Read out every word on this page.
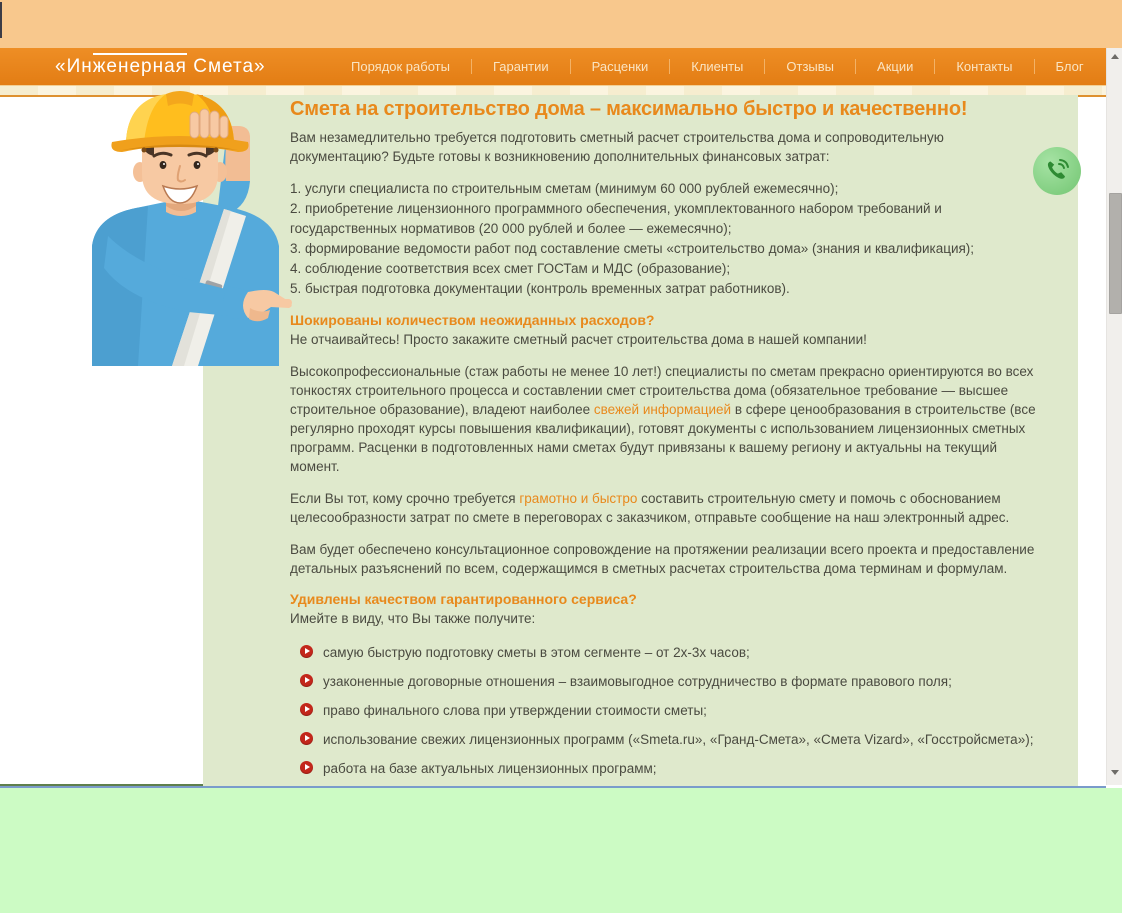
«Инженерная Смета»	Порядок работы	Гарантии	Расценки	Клиенты	Отзывы	Акции	Контакты	Блог
Смета на строительство дома – максимально быстро и качественно!

Вам незамедлительно требуется подготовить сметный расчет строительства дома и сопроводительную документацию? Будьте готовы к возникновению дополнительных финансовых затрат:

1. услуги специалиста по строительным сметам (минимум 60 000 рублей ежемесячно);
2. приобретение лицензионного программного обеспечения, укомплектованного набором требований и государственных нормативов (20 000 рублей и более — ежемесячно);
3. формирование ведомости работ под составление сметы «строительство дома» (знания и квалификация);
4. соблюдение соответствия всех смет ГОСТам и МДС (образование);
5. быстрая подготовка документации (контроль временных затрат работников).
Шокированы количеством неожиданных расходов?

Не отчаивайтесь! Просто закажите сметный расчет строительства дома в нашей компании!

Высокопрофессиональные (стаж работы не менее 10 лет!) специалисты по сметам прекрасно ориентируются во всех тонкостях строительного процесса и составлении смет строительства дома (обязательное требование — высшее строительное образование), владеют наиболее свежей информацией в сфере ценообразования в строительстве (все регулярно проходят курсы повышения квалификации), готовят документы с использованием лицензионных сметных программ. Расценки в подготовленных нами сметах будут привязаны к вашему региону и актуальны на текущий момент.

Если Вы тот, кому срочно требуется грамотно и быстро составить строительную смету и помочь с обоснованием целесообразности затрат по смете в переговорах с заказчиком, отправьте сообщение на наш электронный адрес.

Вам будет обеспечено консультационное сопровождение на протяжении реализации всего проекта и предоставление детальных разъяснений по всем, содержащимся в сметных расчетах строительства дома терминам и формулам.

Удивлены качеством гарантированного сервиса?

Имейте в виду, что Вы также получите:

самую быструю подготовку сметы в этом сегменте – от 2х-3х часов;
узаконенные договорные отношения – взаимовыгодное сотрудничество в формате правового поля;
право финального слова при утверждении стоимости сметы;
использование свежих лицензионных программ («Smeta.ru», «Гранд-Смета», «Смета Vizard», «Госстройсмета»);
работа на базе актуальных лицензионных программ;
